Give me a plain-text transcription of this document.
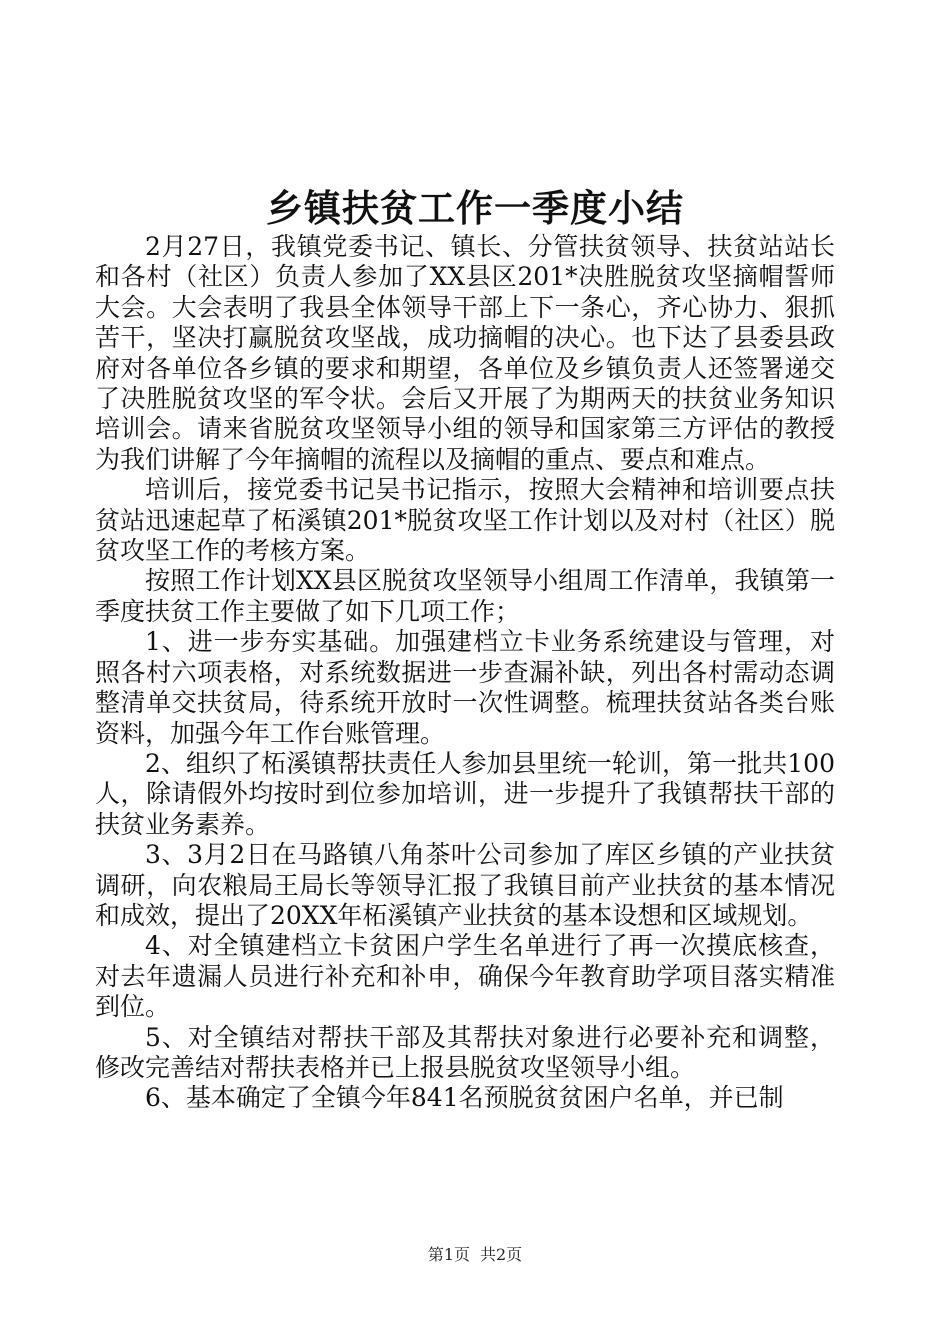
乡镇扶贫工作一季度小结

2月27日，我镇党委书记、镇长、分管扶贫领导、扶贫站站长和各村（社区）负责人参加了XX县区201*决胜脱贫攻坚摘帽誓师大会。大会表明了我县全体领导干部上下一条心，齐心协力、狠抓苦干，坚决打赢脱贫攻坚战，成功摘帽的决心。也下达了县委县政府对各单位各乡镇的要求和期望，各单位及乡镇负责人还签署递交了决胜脱贫攻坚的军令状。会后又开展了为期两天的扶贫业务知识培训会。请来省脱贫攻坚领导小组的领导和国家第三方评估的教授为我们讲解了今年摘帽的流程以及摘帽的重点、要点和难点。

培训后，接党委书记吴书记指示，按照大会精神和培训要点扶贫站迅速起草了柘溪镇201*脱贫攻坚工作计划以及对村（社区）脱贫攻坚工作的考核方案。

按照工作计划XX县区脱贫攻坚领导小组周工作清单，我镇第一季度扶贫工作主要做了如下几项工作；

1、进一步夯实基础。加强建档立卡业务系统建设与管理，对照各村六项表格，对系统数据进一步查漏补缺，列出各村需动态调整清单交扶贫局，待系统开放时一次性调整。梳理扶贫站各类台账资料，加强今年工作台账管理。

2、组织了柘溪镇帮扶责任人参加县里统一轮训，第一批共100人，除请假外均按时到位参加培训，进一步提升了我镇帮扶干部的扶贫业务素养。

3、3月2日在马路镇八角茶叶公司参加了库区乡镇的产业扶贫调研，向农粮局王局长等领导汇报了我镇目前产业扶贫的基本情况和成效，提出了20XX年柘溪镇产业扶贫的基本设想和区域规划。

4、对全镇建档立卡贫困户学生名单进行了再一次摸底核查，对去年遗漏人员进行补充和补申，确保今年教育助学项目落实精准到位。

5、对全镇结对帮扶干部及其帮扶对象进行必要补充和调整，修改完善结对帮扶表格并已上报县脱贫攻坚领导小组。

6、基本确定了全镇今年841名预脱贫贫困户名单，并已制

第1页 共2页
